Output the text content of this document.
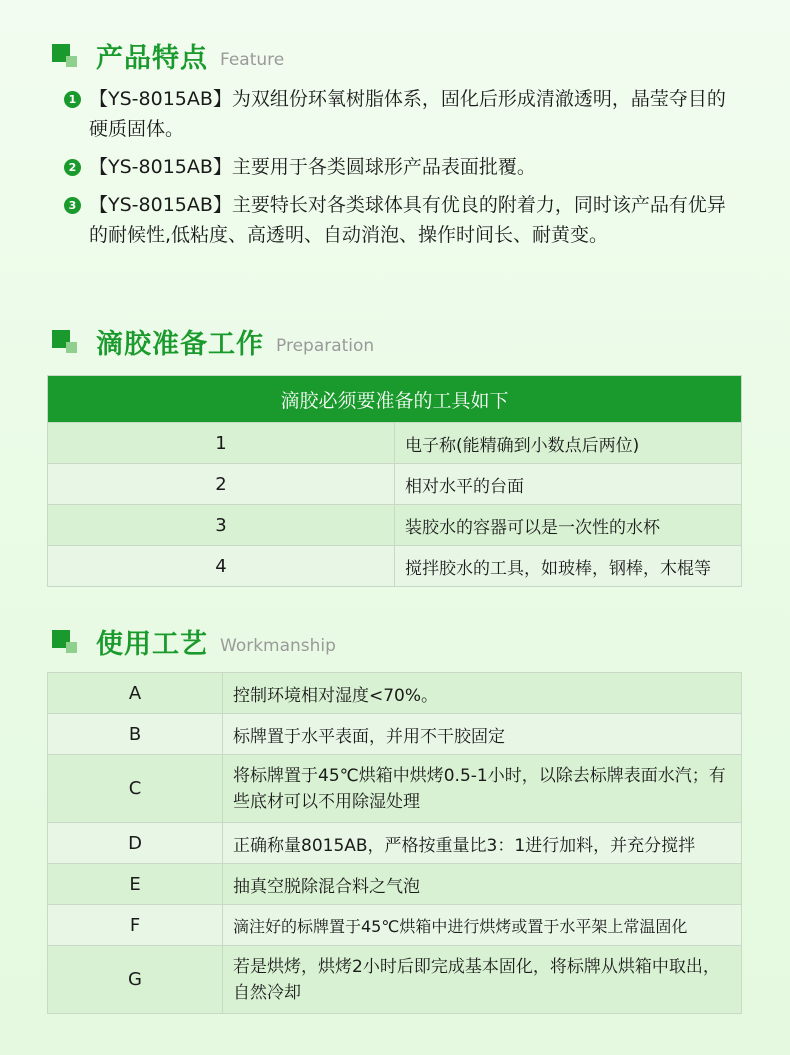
产品特点 Feature
1 【YS-8015AB】为双组份环氧树脂体系，固化后形成清澈透明，晶莹夺目的硬质固体。
2 【YS-8015AB】主要用于各类圆球形产品表面批覆。
3 【YS-8015AB】主要特长对各类球体具有优良的附着力，同时该产品有优异的耐候性,低粘度、高透明、自动消泡、操作时间长、耐黄变。
滴胶准备工作 Preparation
滴胶必须要准备的工具如下	
1	电子称(能精确到小数点后两位)
2	相对水平的台面
3	装胶水的容器可以是一次性的水杯
4	搅拌胶水的工具，如玻棒，钢棒，木棍等
使用工艺 Workmanship
A	控制环境相对湿度<70%。
B	标牌置于水平表面，并用不干胶固定
C	将标牌置于45℃烘箱中烘烤0.5-1小时，以除去标牌表面水汽；有些底材可以不用除湿处理
D	正确称量8015AB，严格按重量比3：1进行加料，并充分搅拌
E	抽真空脱除混合料之气泡
F	滴注好的标牌置于45℃烘箱中进行烘烤或置于水平架上常温固化
G	若是烘烤，烘烤2小时后即完成基本固化，将标牌从烘箱中取出，自然冷却
